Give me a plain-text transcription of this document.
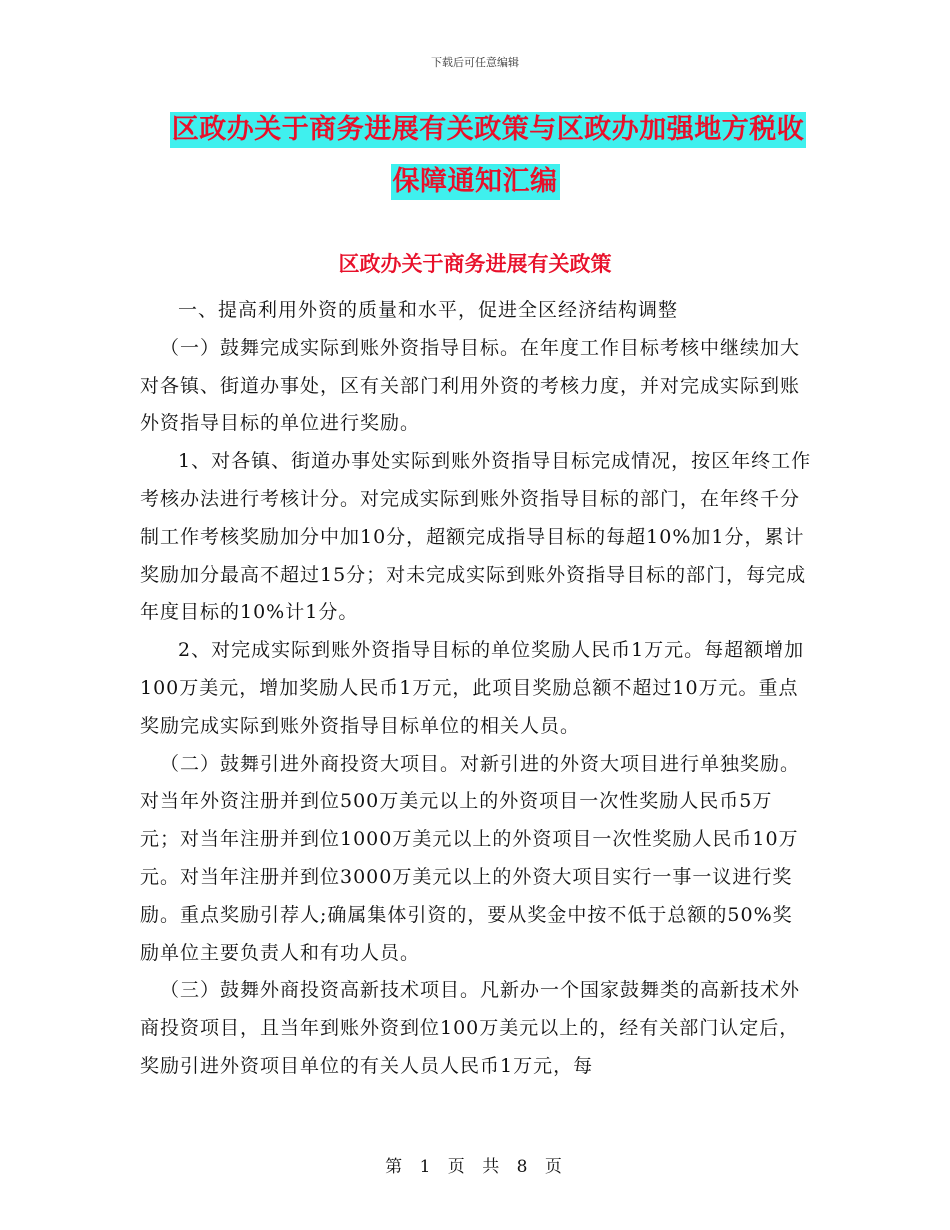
下载后可任意编辑
区政办关于商务进展有关政策与区政办加强地方税收
保障通知汇编
区政办关于商务进展有关政策

一、提高利用外资的质量和水平，促进全区经济结构调整

（一）鼓舞完成实际到账外资指导目标。在年度工作目标考核中继续加大对各镇、街道办事处，区有关部门利用外资的考核力度，并对完成实际到账外资指导目标的单位进行奖励。

1、对各镇、街道办事处实际到账外资指导目标完成情况，按区年终工作考核办法进行考核计分。对完成实际到账外资指导目标的部门，在年终千分制工作考核奖励加分中加10分，超额完成指导目标的每超10%加1分，累计奖励加分最高不超过15分；对未完成实际到账外资指导目标的部门，每完成年度目标的10%计1分。

2、对完成实际到账外资指导目标的单位奖励人民币1万元。每超额增加100万美元，增加奖励人民币1万元，此项目奖励总额不超过10万元。重点奖励完成实际到账外资指导目标单位的相关人员。

（二）鼓舞引进外商投资大项目。对新引进的外资大项目进行单独奖励。对当年外资注册并到位500万美元以上的外资项目一次性奖励人民币5万元；对当年注册并到位1000万美元以上的外资项目一次性奖励人民币10万元。对当年注册并到位3000万美元以上的外资大项目实行一事一议进行奖励。重点奖励引荐人;确属集体引资的，要从奖金中按不低于总额的50%奖励单位主要负责人和有功人员。

（三）鼓舞外商投资高新技术项目。凡新办一个国家鼓舞类的高新技术外商投资项目，且当年到账外资到位100万美元以上的，经有关部门认定后，奖励引进外资项目单位的有关人员人民币1万元，每

第 1 页 共 8 页
